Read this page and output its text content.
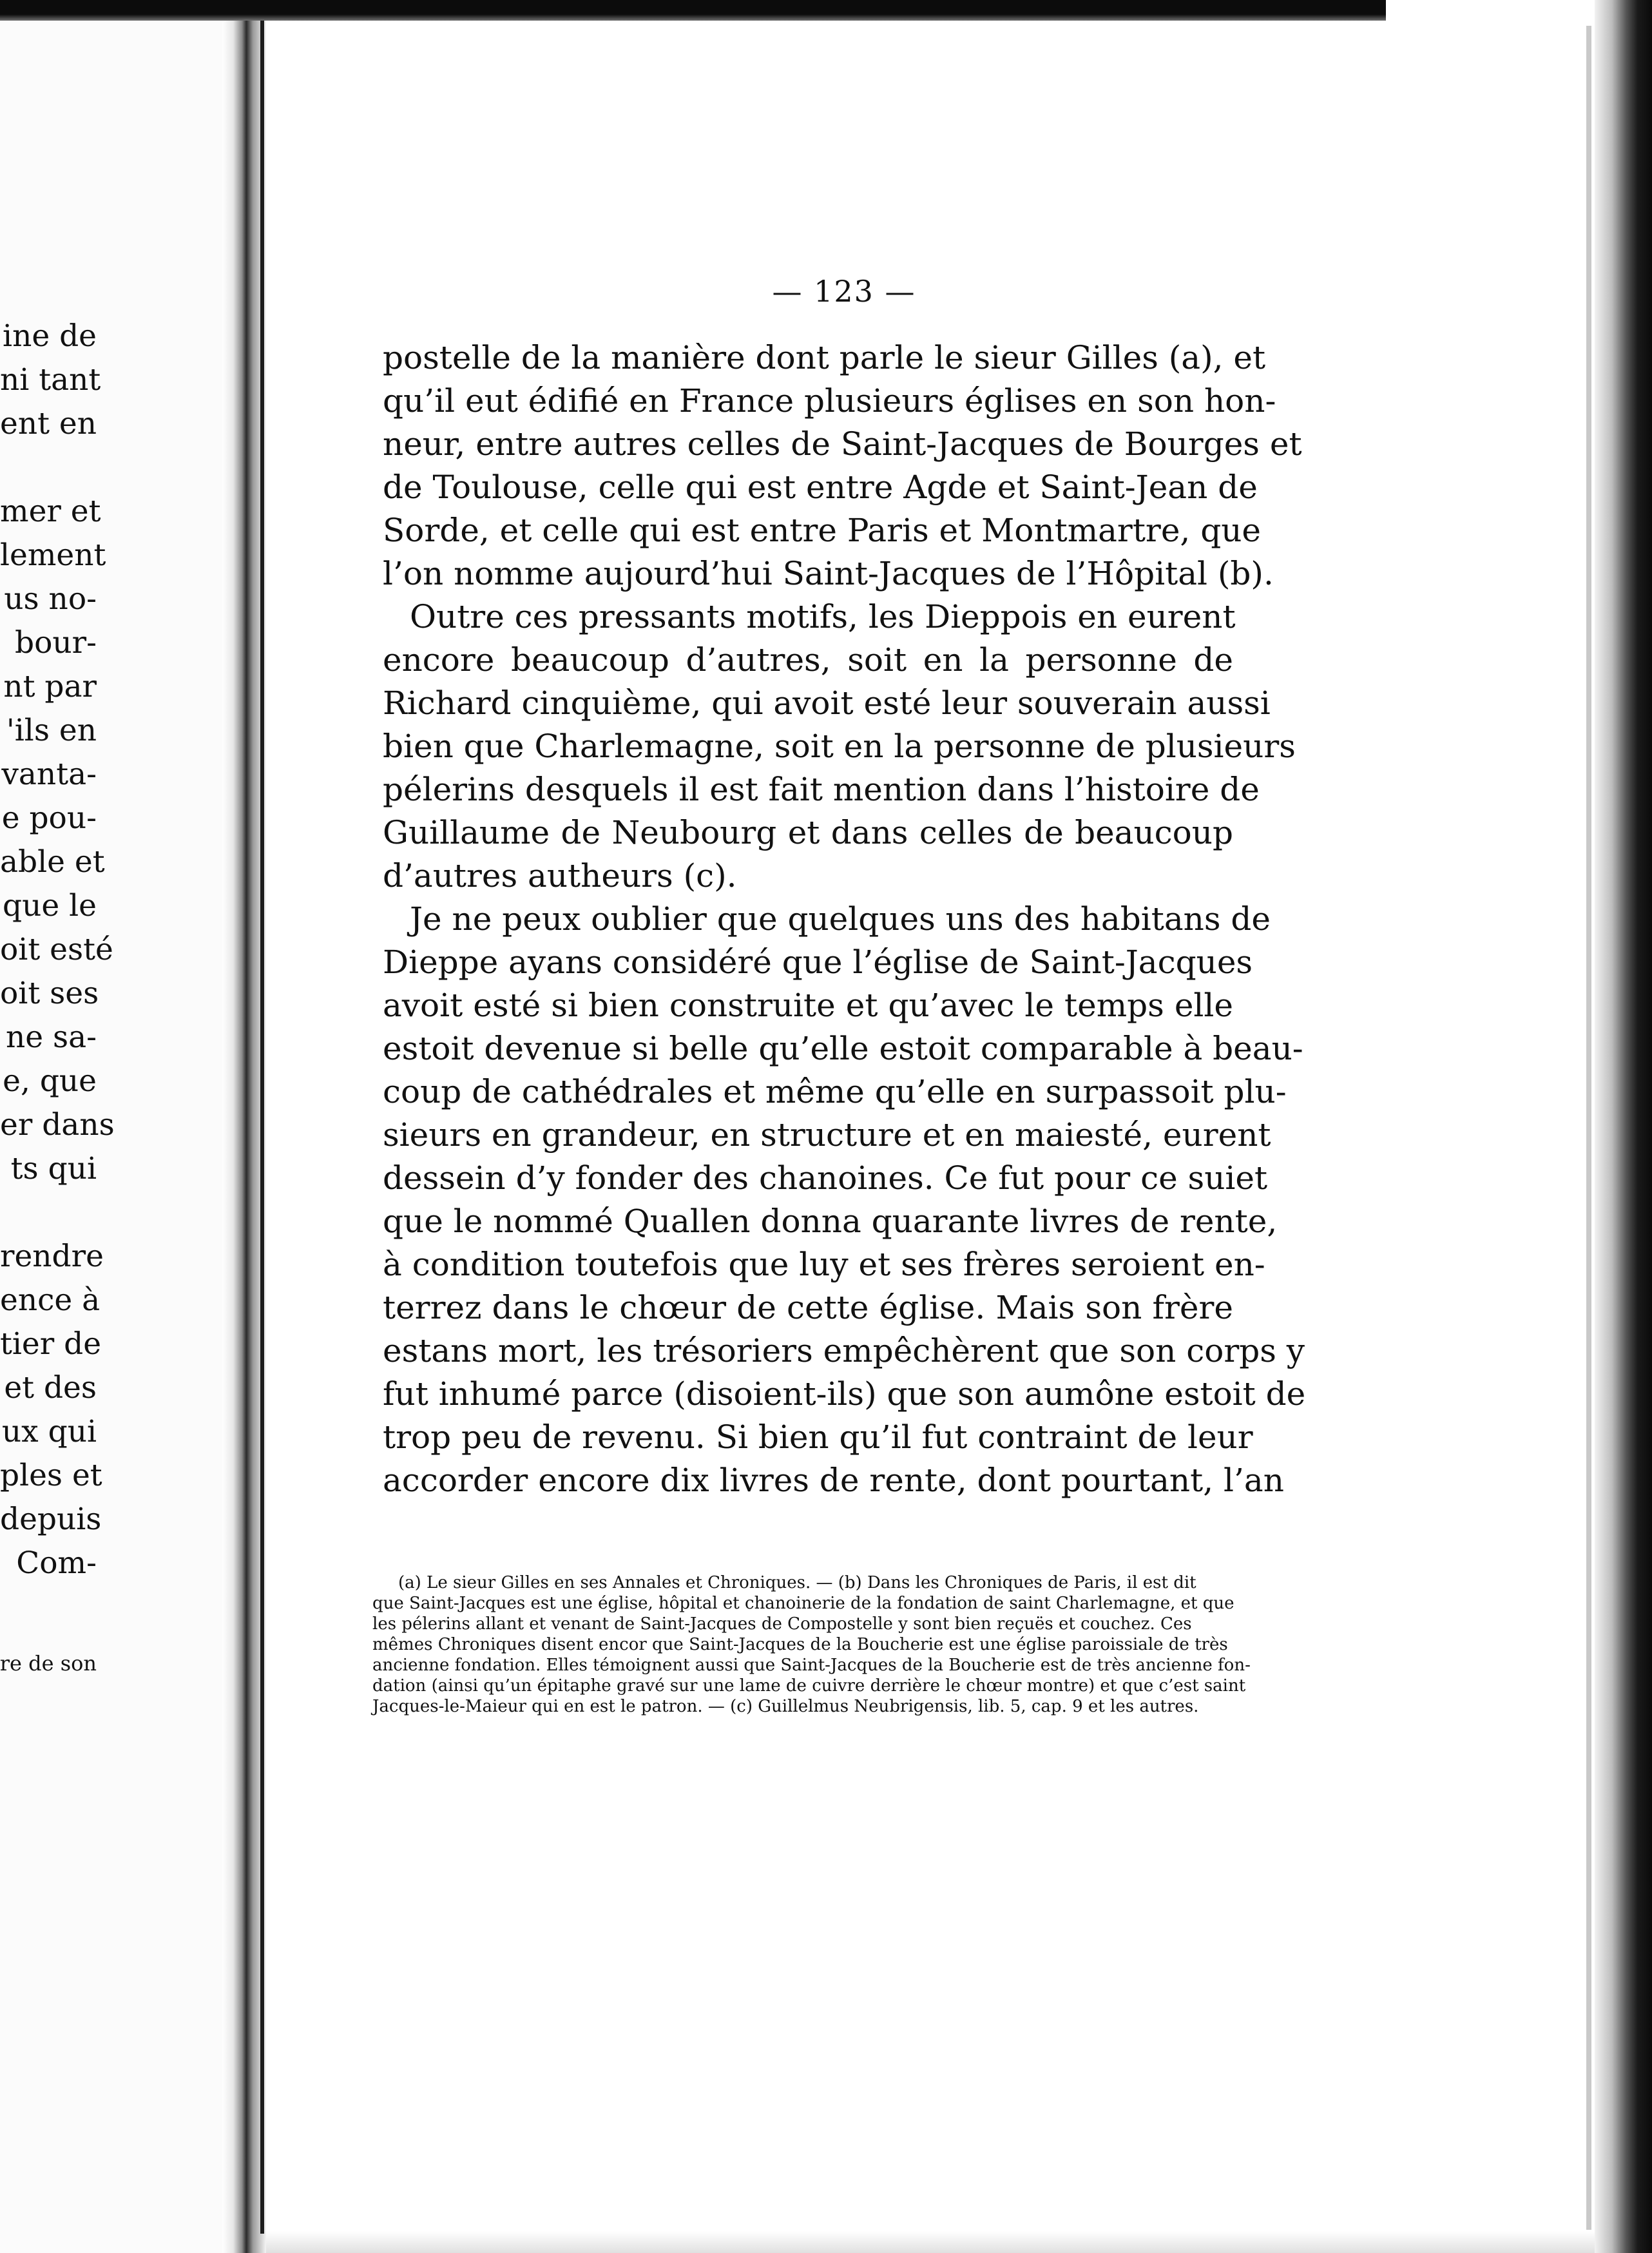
ine de
ni tant
ent en
mer et
lement
us no-
bour-
nt par
'ils en
vanta-
e pou-
able et
que le
oit esté
oit ses
ne sa-
e, que
er dans
ts qui
rendre
ence à
tier de
et des
ux qui
ples et
depuis
Com-
re de son
— 123 —
postelle de la manière dont parle le sieur Gilles (a), et
qu’il eut édifié en France plusieurs églises en son hon-
neur, entre autres celles de Saint-Jacques de Bourges et
de Toulouse, celle qui est entre Agde et Saint-Jean de
Sorde, et celle qui est entre Paris et Montmartre, que
l’on nomme aujourd’hui Saint-Jacques de l’Hôpital (b).
Outre ces pressants motifs, les Dieppois en eurent
encore beaucoup d’autres, soit en la personne de
Richard cinquième, qui avoit esté leur souverain aussi
bien que Charlemagne, soit en la personne de plusieurs
pélerins desquels il est fait mention dans l’histoire de
Guillaume de Neubourg et dans celles de beaucoup
d’autres autheurs (c).
Je ne peux oublier que quelques uns des habitans de
Dieppe ayans considéré que l’église de Saint-Jacques
avoit esté si bien construite et qu’avec le temps elle
estoit devenue si belle qu’elle estoit comparable à beau-
coup de cathédrales et même qu’elle en surpassoit plu-
sieurs en grandeur, en structure et en maiesté, eurent
dessein d’y fonder des chanoines. Ce fut pour ce suiet
que le nommé Quallen donna quarante livres de rente,
à condition toutefois que luy et ses frères seroient en-
terrez dans le chœur de cette église. Mais son frère
estans mort, les trésoriers empêchèrent que son corps y
fut inhumé parce (disoient-ils) que son aumône estoit de
trop peu de revenu. Si bien qu’il fut contraint de leur
accorder encore dix livres de rente, dont pourtant, l’an
(a) Le sieur Gilles en ses Annales et Chroniques. — (b) Dans les Chroniques de Paris, il est dit
que Saint-Jacques est une église, hôpital et chanoinerie de la fondation de saint Charlemagne, et que
les pélerins allant et venant de Saint-Jacques de Compostelle y sont bien reçuës et couchez. Ces
mêmes Chroniques disent encor que Saint-Jacques de la Boucherie est une église paroissiale de très
ancienne fondation. Elles témoignent aussi que Saint-Jacques de la Boucherie est de très ancienne fon-
dation (ainsi qu’un épitaphe gravé sur une lame de cuivre derrière le chœur montre) et que c’est saint
Jacques-le-Maieur qui en est le patron. — (c) Guillelmus Neubrigensis, lib. 5, cap. 9 et les autres.
